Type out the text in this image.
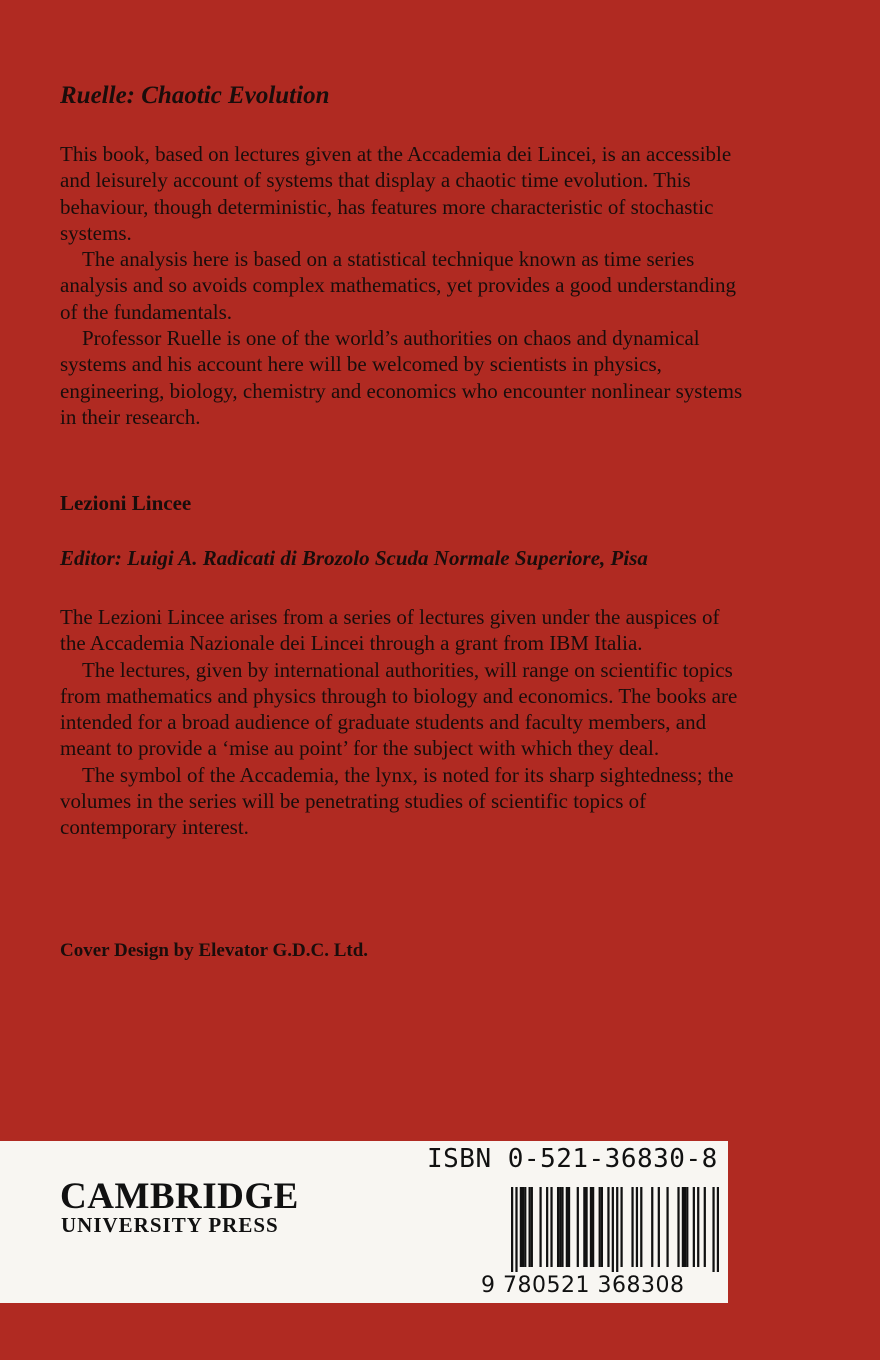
Ruelle: Chaotic Evolution

This book, based on lectures given at the Accademia dei Lincei, is an accessible and leisurely account of systems that display a chaotic time evolution. This behaviour, though deterministic, has features more characteristic of stochastic systems.

The analysis here is based on a statistical technique known as time series analysis and so avoids complex mathematics, yet provides a good understanding of the fundamentals.

Professor Ruelle is one of the world’s authorities on chaos and dynamical systems and his account here will be welcomed by scientists in physics, engineering, biology, chemistry and economics who encounter nonlinear systems in their research.

Lezioni Lincee

Editor: Luigi A. Radicati di Brozolo Scuda Normale Superiore, Pisa

The Lezioni Lincee arises from a series of lectures given under the auspices of the Accademia Nazionale dei Lincei through a grant from IBM Italia.

The lectures, given by international authorities, will range on scientific topics from mathematics and physics through to biology and economics. The books are intended for a broad audience of graduate students and faculty members, and meant to provide a ‘mise au point’ for the subject with which they deal.

The symbol of the Accademia, the lynx, is noted for its sharp sightedness; the volumes in the series will be penetrating studies of scientific topics of contemporary interest.

Cover Design by Elevator G.D.C. Ltd.

CAMBRIDGE
UNIVERSITY PRESS
ISBN 0-521-36830-8
9 780521 368308
